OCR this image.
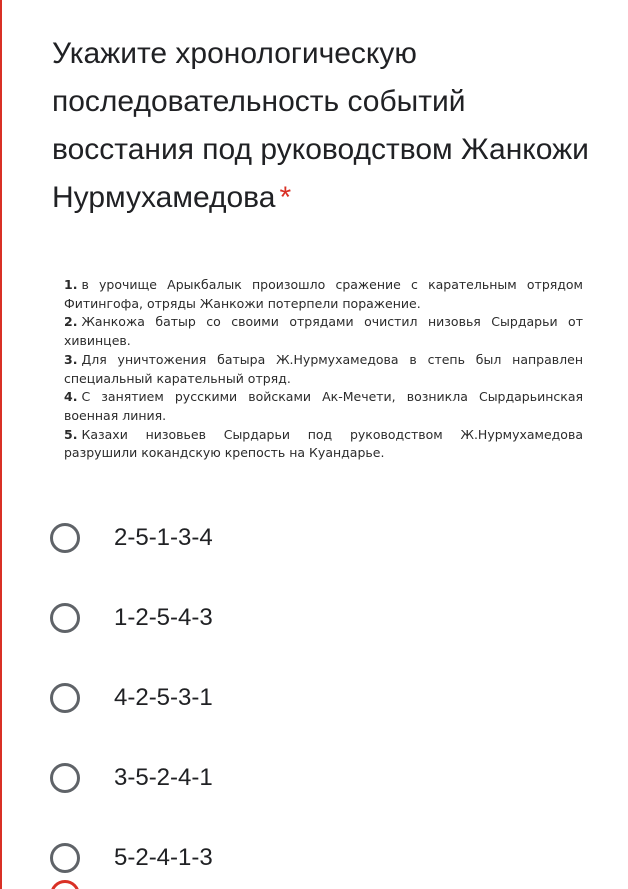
Укажите хронологическую последовательность событий восстания под руководством Жанкожи Нурмухамедова *
1. в урочище Арыкбалык произошло сражение с карательным отрядом Фитингофа, отряды Жанкожи потерпели поражение.
2. Жанкожа батыр со своими отрядами очистил низовья Сырдарьи от хивинцев.
3. Для уничтожения батыра Ж.Нурмухамедова в степь был направлен специальный карательный отряд.
4. С занятием русскими войсками Ак-Мечети, возникла Сырдарьинская военная линия.
5. Казахи низовьев Сырдарьи под руководством Ж.Нурмухамедова разрушили кокандскую крепость на Куандарье.
2-5-1-3-4
1-2-5-4-3
4-2-5-3-1
3-5-2-4-1
5-2-4-1-3
